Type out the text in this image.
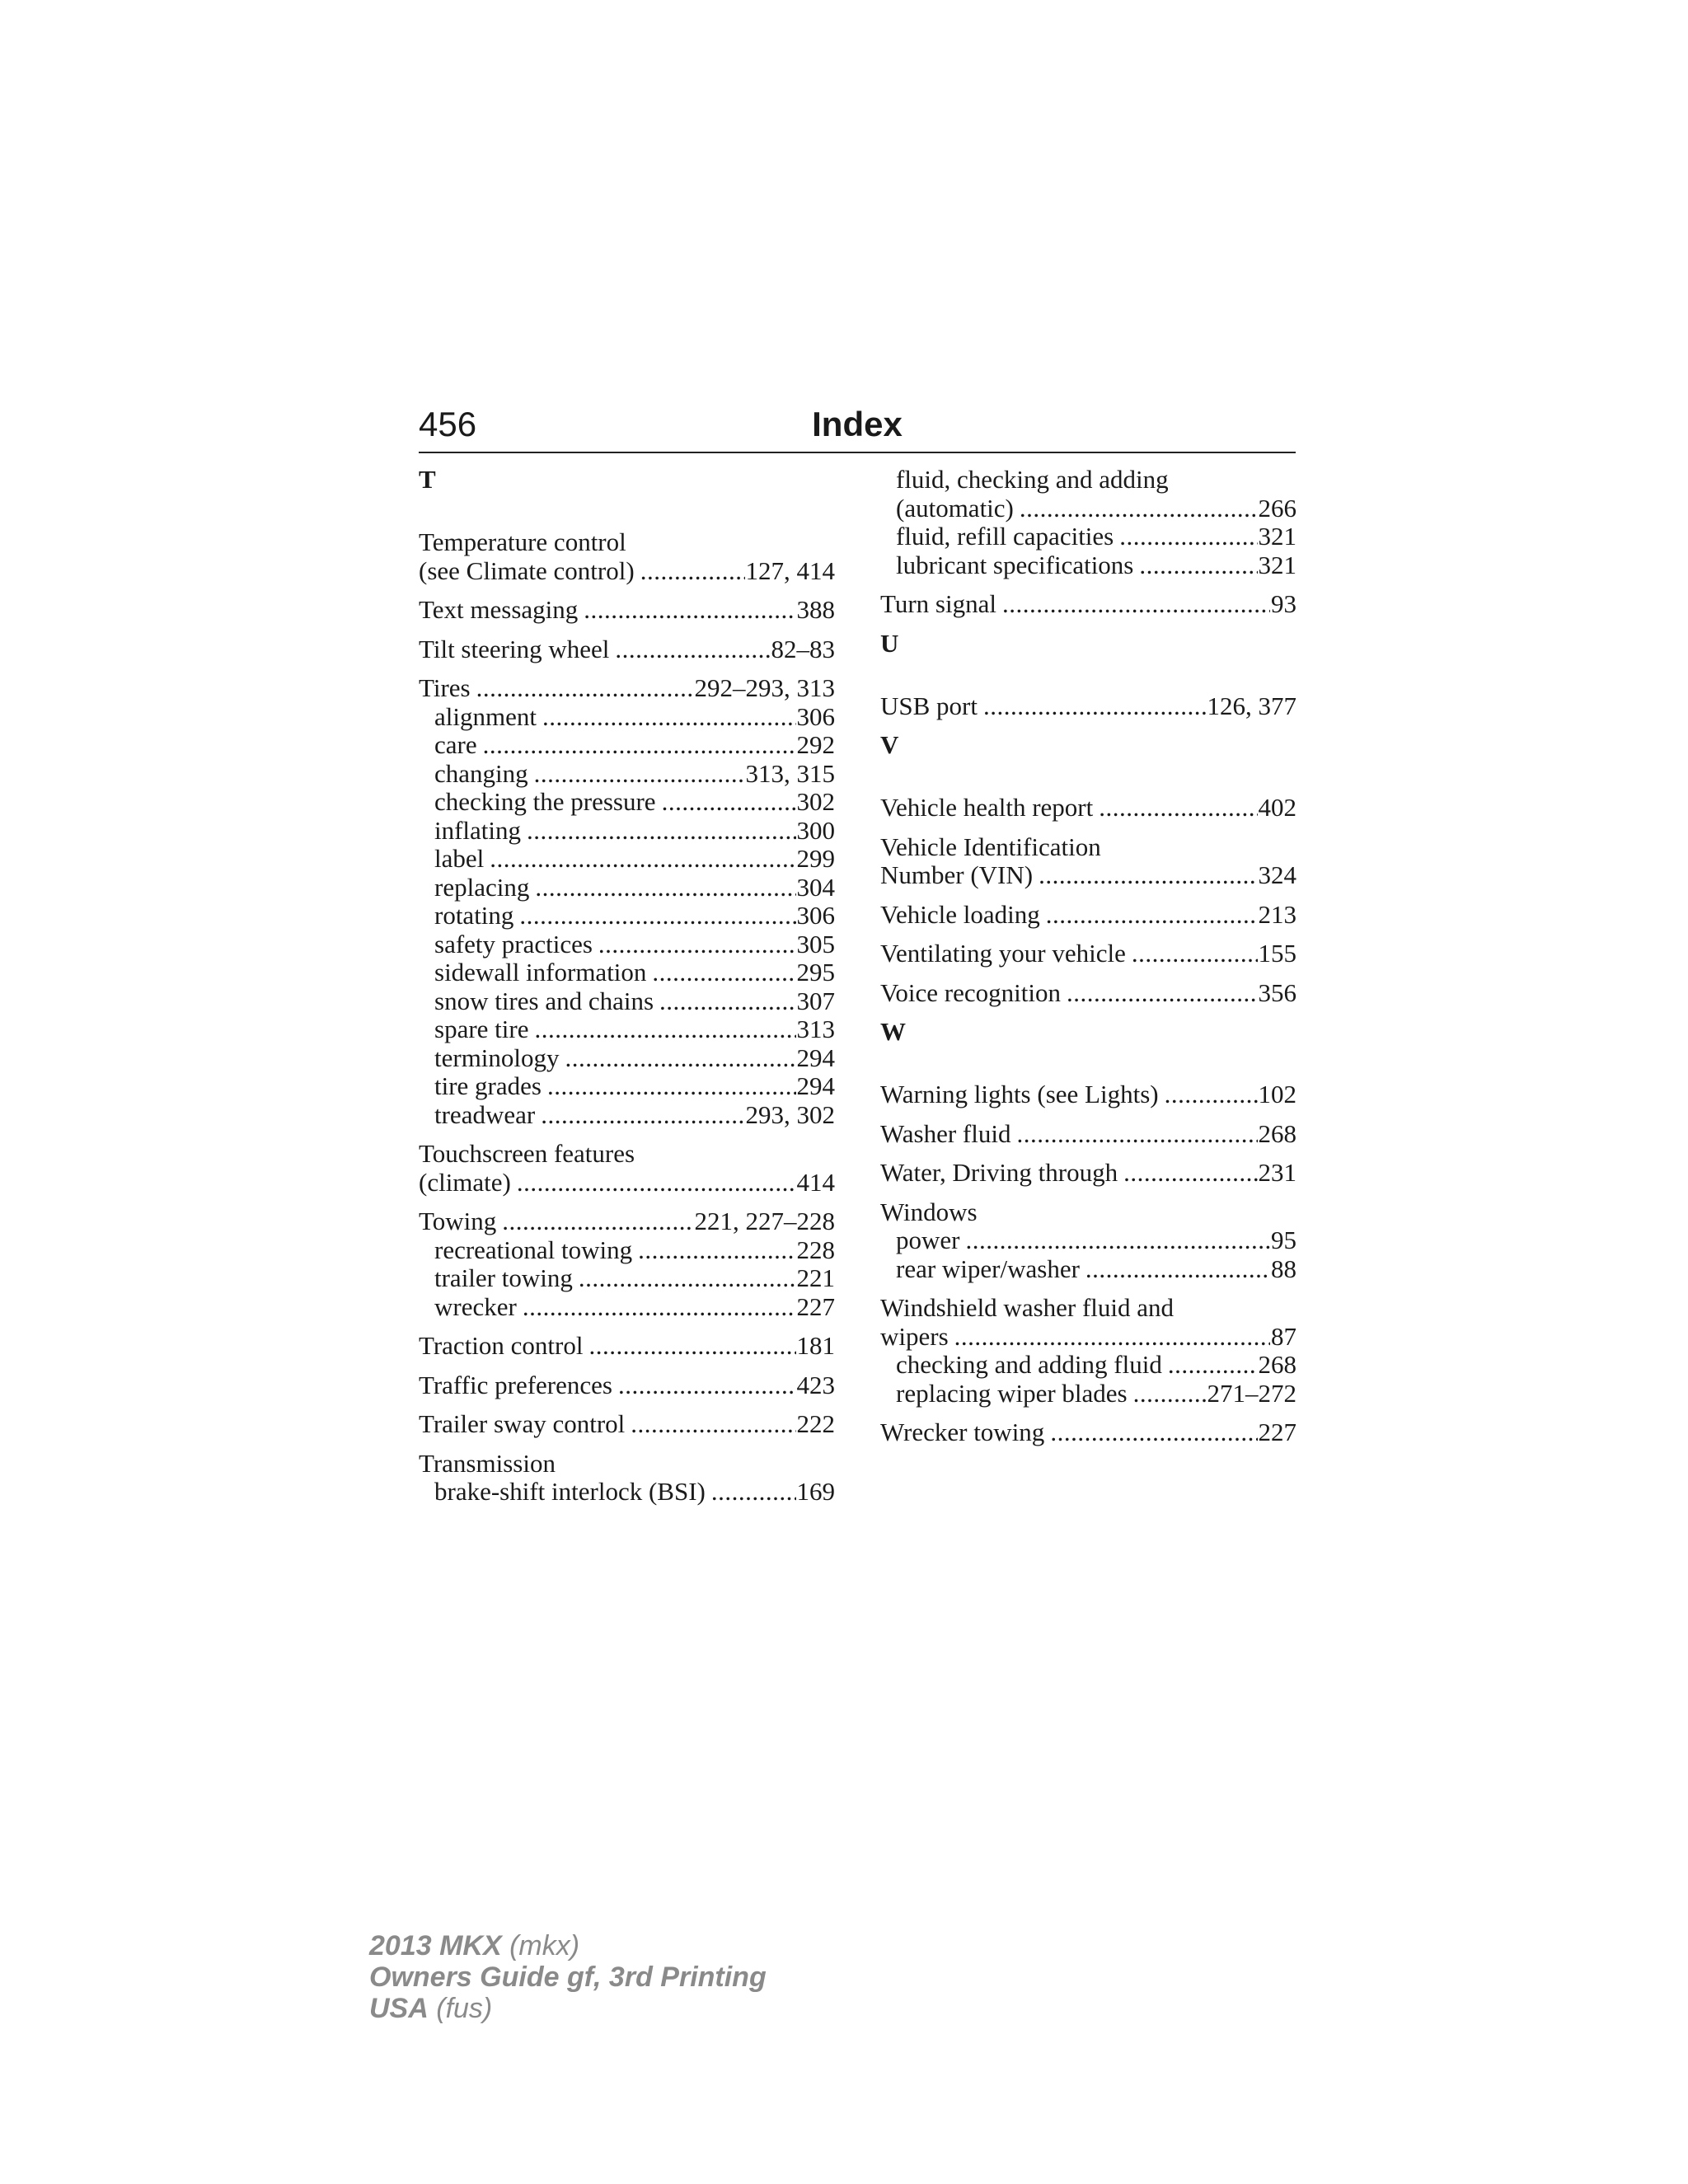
456	Index
T
Temperature control
(see Climate control) .....	127, 414
Text messaging .....	388
Tilt steering wheel .....	82–83
Tires .....	292–293, 313
alignment .....	306
care .....	292
changing .....	313, 315
checking the pressure .....	302
inflating .....	300
label .....	299
replacing .....	304
rotating .....	306
safety practices .....	305
sidewall information .....	295
snow tires and chains .....	307
spare tire .....	313
terminology .....	294
tire grades .....	294
treadwear .....	293, 302
Touchscreen features
(climate) .....	414
Towing .....	221, 227–228
recreational towing .....	228
trailer towing .....	221
wrecker .....	227
Traction control .....	181
Traffic preferences .....	423
Trailer sway control .....	222
Transmission
brake-shift interlock (BSI) .....	169
fluid, checking and adding
(automatic) .....	266
fluid, refill capacities .....	321
lubricant specifications .....	321
Turn signal .....	93
U
USB port .....	126, 377
V
Vehicle health report .....	402
Vehicle Identification
Number (VIN) .....	324
Vehicle loading .....	213
Ventilating your vehicle .....	155
Voice recognition .....	356
W
Warning lights (see Lights) .....	102
Washer fluid .....	268
Water, Driving through .....	231
Windows
power .....	95
rear wiper/washer .....	88
Windshield washer fluid and
wipers .....	87
checking and adding fluid .....	268
replacing wiper blades .....	271–272
Wrecker towing .....	227
2013 MKX (mkx)
Owners Guide gf, 3rd Printing
USA (fus)
